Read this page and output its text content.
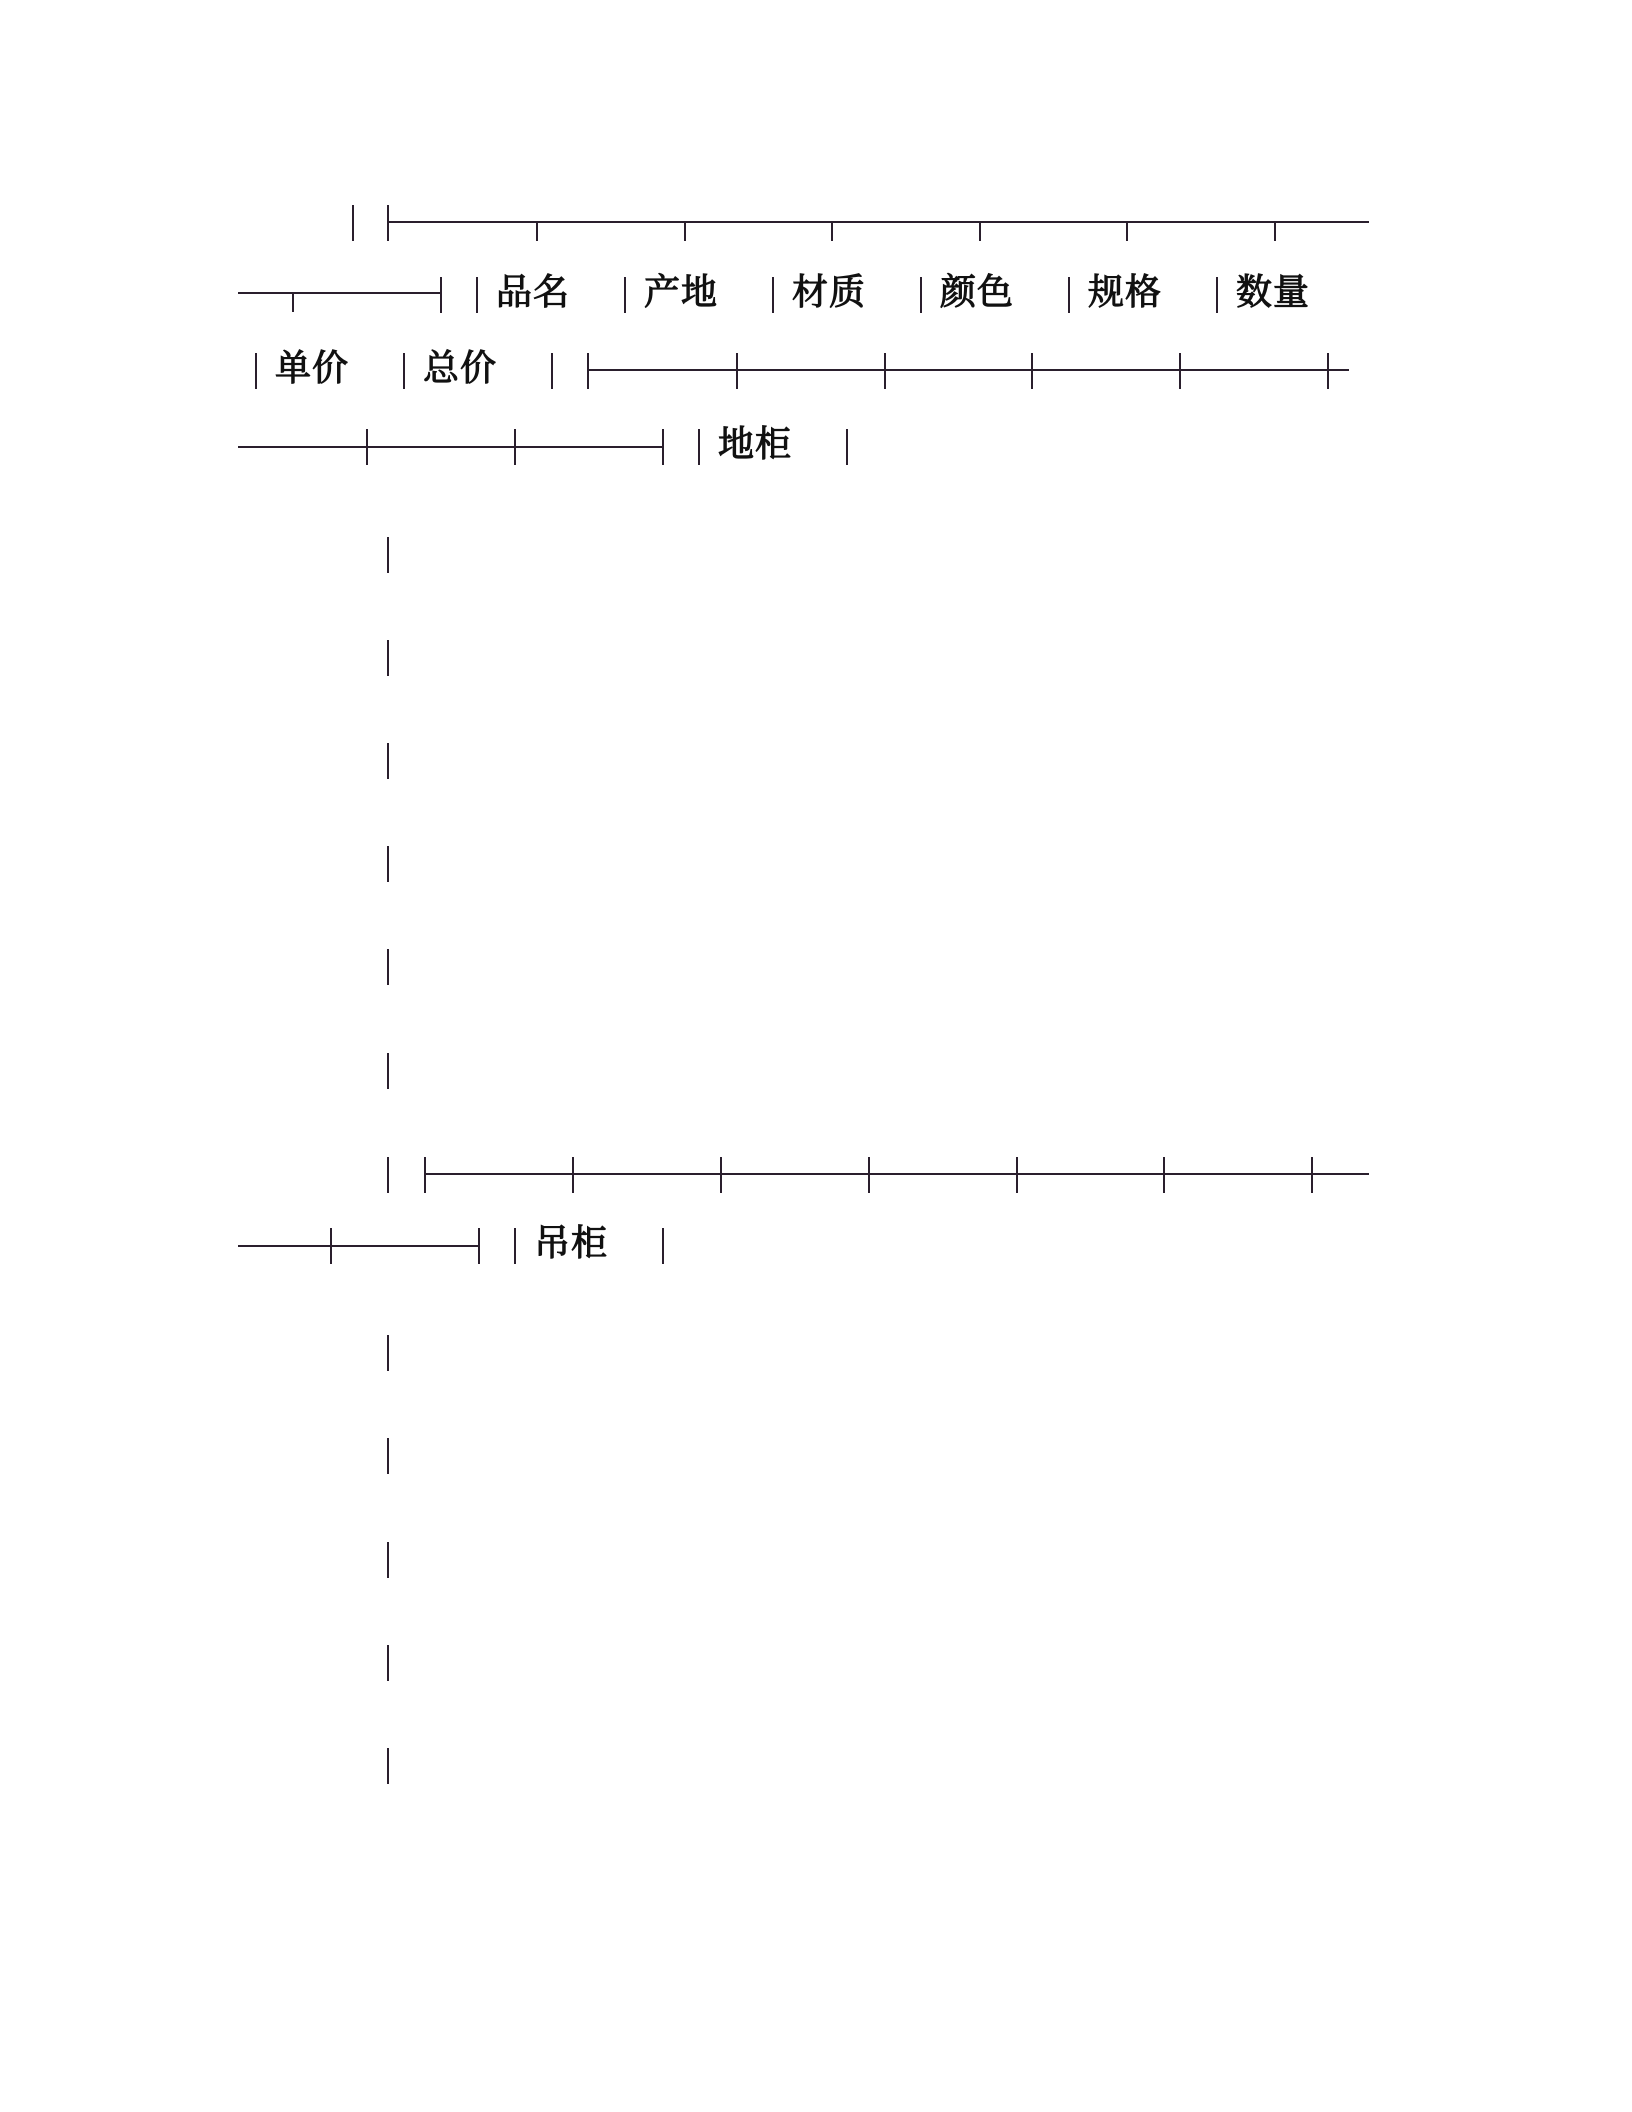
品名 产地 材质 颜色 规格 数量
单价 总价
地柜
吊柜
